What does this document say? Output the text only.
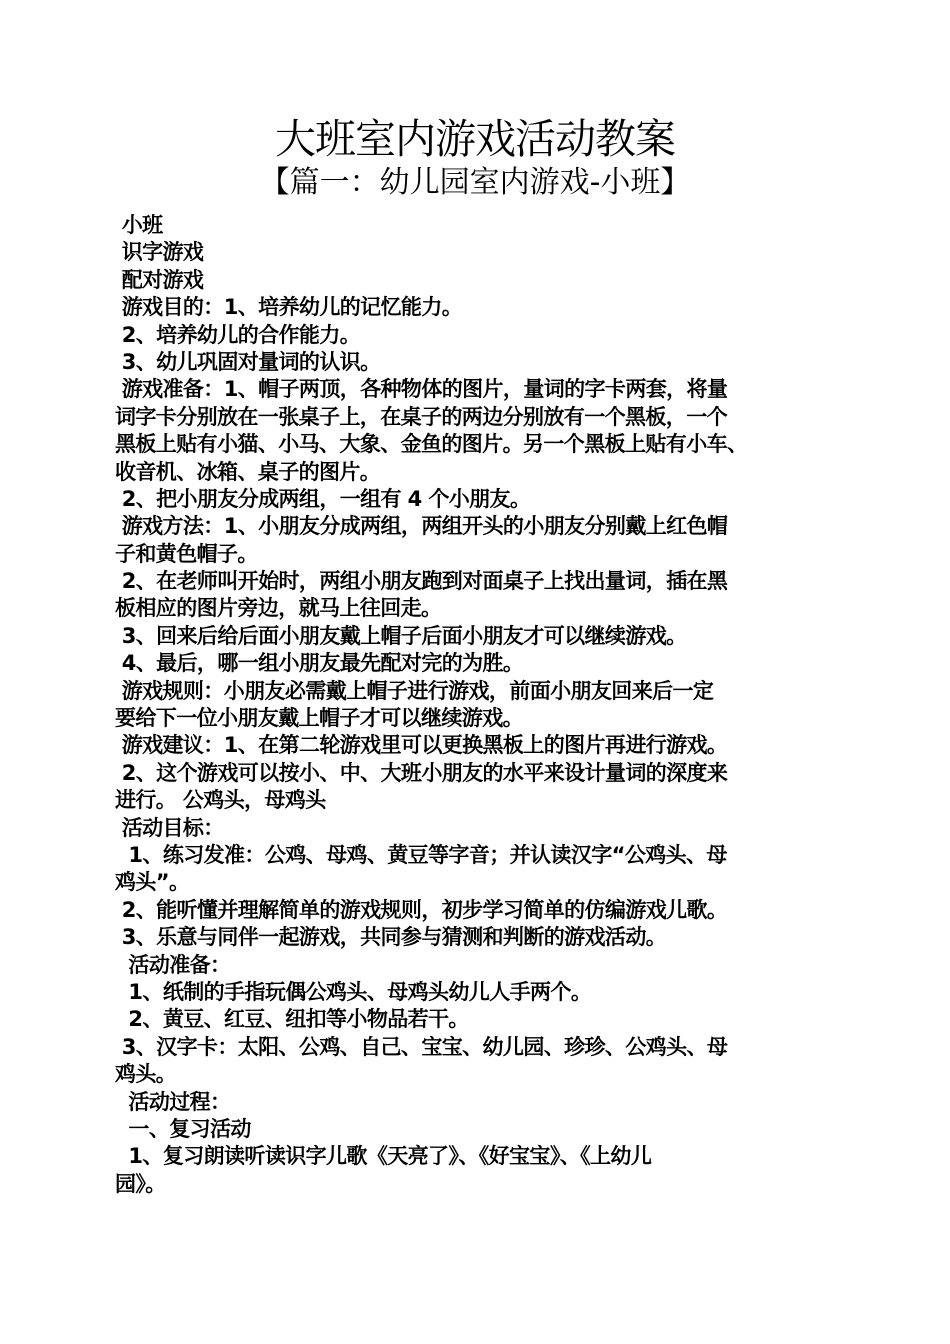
大班室内游戏活动教案
【篇一：幼儿园室内游戏-小班】
小班
识字游戏
配对游戏
游戏目的：1、培养幼儿的记忆能力。
2、培养幼儿的合作能力。
3、幼儿巩固对量词的认识。
游戏准备：1、帽子两顶，各种物体的图片，量词的字卡两套，将量
词字卡分别放在一张桌子上，在桌子的两边分别放有一个黑板，一个
黑板上贴有小猫、小马、大象、金鱼的图片。另一个黑板上贴有小车、
收音机、冰箱、桌子的图片。
2、把小朋友分成两组，一组有 4 个小朋友。
游戏方法：1、小朋友分成两组，两组开头的小朋友分别戴上红色帽
子和黄色帽子。
2、在老师叫开始时，两组小朋友跑到对面桌子上找出量词，插在黑
板相应的图片旁边，就马上往回走。
3、回来后给后面小朋友戴上帽子后面小朋友才可以继续游戏。
4、最后，哪一组小朋友最先配对完的为胜。
游戏规则：小朋友必需戴上帽子进行游戏，前面小朋友回来后一定
要给下一位小朋友戴上帽子才可以继续游戏。
游戏建议：1、在第二轮游戏里可以更换黑板上的图片再进行游戏。
2、这个游戏可以按小、中、大班小朋友的水平来设计量词的深度来
进行。 公鸡头，母鸡头
活动目标：
1、练习发准：公鸡、母鸡、黄豆等字音；并认读汉字“公鸡头、母
鸡头”。
2、能听懂并理解简单的游戏规则，初步学习简单的仿编游戏儿歌。
3、乐意与同伴一起游戏，共同参与猜测和判断的游戏活动。
活动准备：
1、纸制的手指玩偶公鸡头、母鸡头幼儿人手两个。
2、黄豆、红豆、纽扣等小物品若干。
3、汉字卡：太阳、公鸡、自己、宝宝、幼儿园、珍珍、公鸡头、母
鸡头。
活动过程：
一、复习活动
1、复习朗读听读识字儿歌《天亮了》、《好宝宝》、《上幼儿
园》。
